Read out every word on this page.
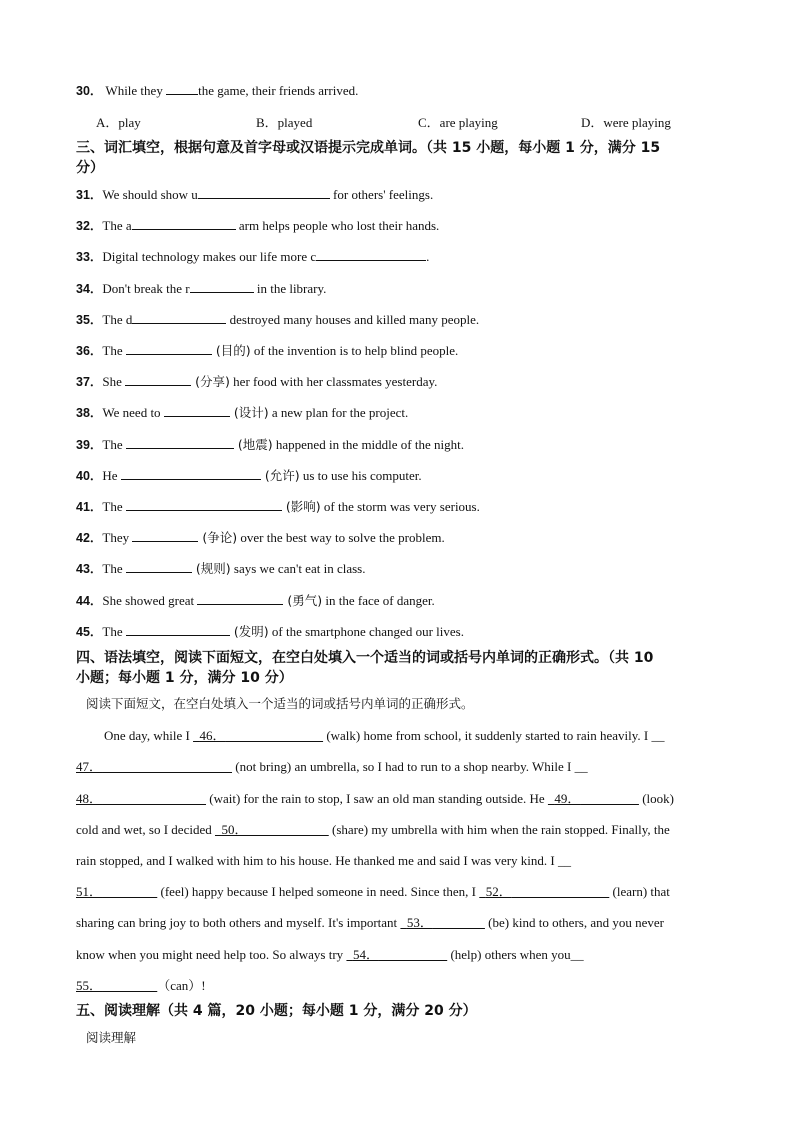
30． While they the game, their friends arrived.
A．play	B．played	C．are playing	D．were playing
三、词汇填空，根据句意及首字母或汉语提示完成单词。（共 15 小题，每小题 1 分，满分 15
分）
31．We should show u	for others' feelings.
32．The a	arm helps people who lost their hands.
33．Digital technology makes our life more c	.
34．Don't break the r	in the library.
35．The d	destroyed many houses and killed many people.
36．The	(目的) of the invention is to help blind people.
37．She	(分享) her food with her classmates yesterday.
38．We need to	(设计) a new plan for the project.
39．The	(地震) happened in the middle of the night.
40．He	(允许) us to use his computer.
41．The	(影响) of the storm was very serious.
42．They	(争论) over the best way to solve the problem.
43．The	(规则) says we can't eat in class.
44．She showed great	(勇气) in the face of danger.
45．The	(发明) of the smartphone changed our lives.
四、语法填空，阅读下面短文，在空白处填入一个适当的词或括号内单词的正确形式。（共 10
小题；每小题 1 分，满分 10 分）
阅读下面短文，在空白处填入一个适当的词或括号内单词的正确形式。
One day, while I   46．	(walk) home from school, it suddenly started to rain heavily. I __
47．	(not bring) an umbrella, so I had to run to a shop nearby. While I __
48．	(wait) for the rain to stop, I saw an old man standing outside. He   49．	(look)
cold and wet, so I decided   50．	(share) my umbrella with him when the rain stopped. Finally, the
rain stopped, and I walked with him to his house. He thanked me and said I was very kind. I __
51．	(feel) happy because I helped someone in need. Since then, I   52．	(learn) that
sharing can bring joy to both others and myself. It's important   53．	(be) kind to others, and you never
know when you might need help too. So always try   54．	(help) others when you__
55．	（can）!
五、阅读理解（共 4 篇，20 小题；每小题 1 分，满分 20 分）
阅读理解
